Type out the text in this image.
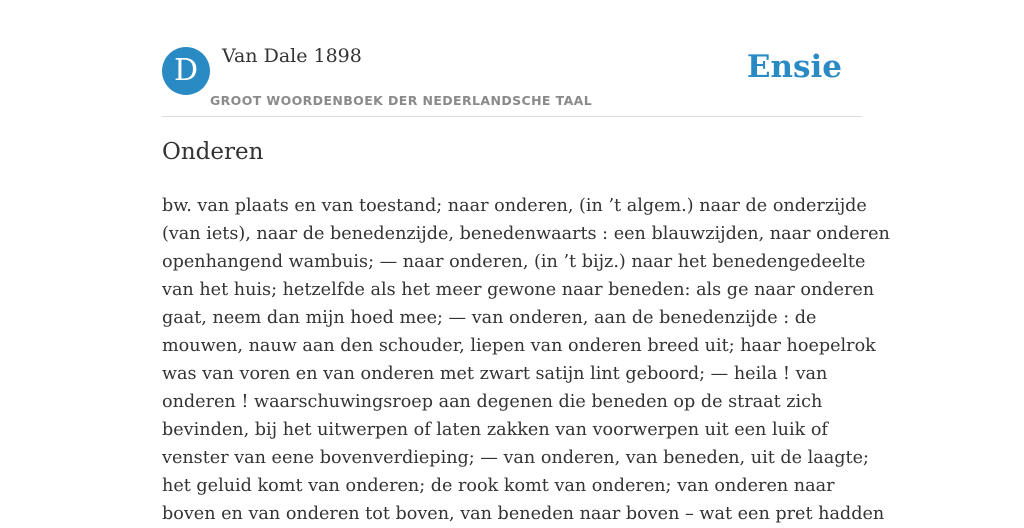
D	Van Dale 1898
GROOT WOORDENBOEK DER NEDERLANDSCHE TAAL
Ensie
Onderen

bw. van plaats en van toestand; naar onderen, (in ’t algem.) naar de onderzijde
(van iets), naar de benedenzijde, benedenwaarts : een blauwzijden, naar onderen
openhangend wambuis; — naar onderen, (in ’t bijz.) naar het benedengedeelte
van het huis; hetzelfde als het meer gewone naar beneden: als ge naar onderen
gaat, neem dan mijn hoed mee; — van onderen, aan de benedenzijde : de
mouwen, nauw aan den schouder, liepen van onderen breed uit; haar hoepelrok
was van voren en van onderen met zwart satijn lint geboord; — heila ! van
onderen ! waarschuwingsroep aan degenen die beneden op de straat zich
bevinden, bij het uitwerpen of laten zakken van voorwerpen uit een luik of
venster van eene bovenverdieping; — van onderen, van beneden, uit de laagte;
het geluid komt van onderen; de rook komt van onderen; van onderen naar
boven en van onderen tot boven, van beneden naar boven – wat een pret hadden
